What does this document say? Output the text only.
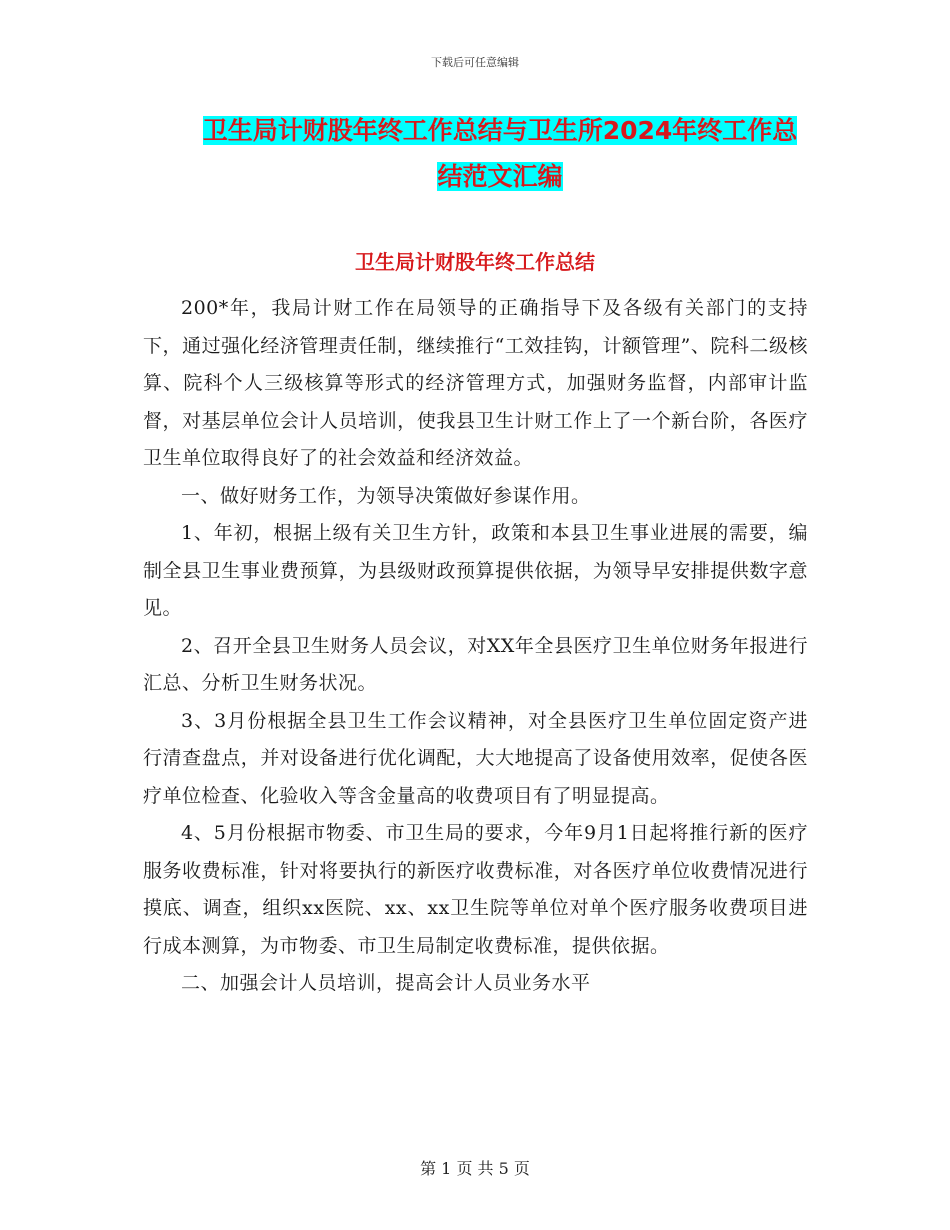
下载后可任意编辑
卫生局计财股年终工作总结与卫生所2024年终工作总
结范文汇编
卫生局计财股年终工作总结

200*年，我局计财工作在局领导的正确指导下及各级有关部门的支持下，通过强化经济管理责任制，继续推行“工效挂钩，计额管理”、院科二级核算、院科个人三级核算等形式的经济管理方式，加强财务监督，内部审计监督，对基层单位会计人员培训，使我县卫生计财工作上了一个新台阶，各医疗卫生单位取得良好了的社会效益和经济效益。

一、做好财务工作，为领导决策做好参谋作用。

1、年初，根据上级有关卫生方针，政策和本县卫生事业进展的需要，编制全县卫生事业费预算，为县级财政预算提供依据，为领导早安排提供数字意见。

2、召开全县卫生财务人员会议，对XX年全县医疗卫生单位财务年报进行汇总、分析卫生财务状况。

3、3月份根据全县卫生工作会议精神，对全县医疗卫生单位固定资产进行清查盘点，并对设备进行优化调配，大大地提高了设备使用效率，促使各医疗单位检查、化验收入等含金量高的收费项目有了明显提高。

4、5月份根据市物委、市卫生局的要求，今年9月1日起将推行新的医疗服务收费标准，针对将要执行的新医疗收费标准，对各医疗单位收费情况进行摸底、调查，组织xx医院、xx、xx卫生院等单位对单个医疗服务收费项目进行成本测算，为市物委、市卫生局制定收费标准，提供依据。

二、加强会计人员培训，提高会计人员业务水平

第 1 页 共 5 页
